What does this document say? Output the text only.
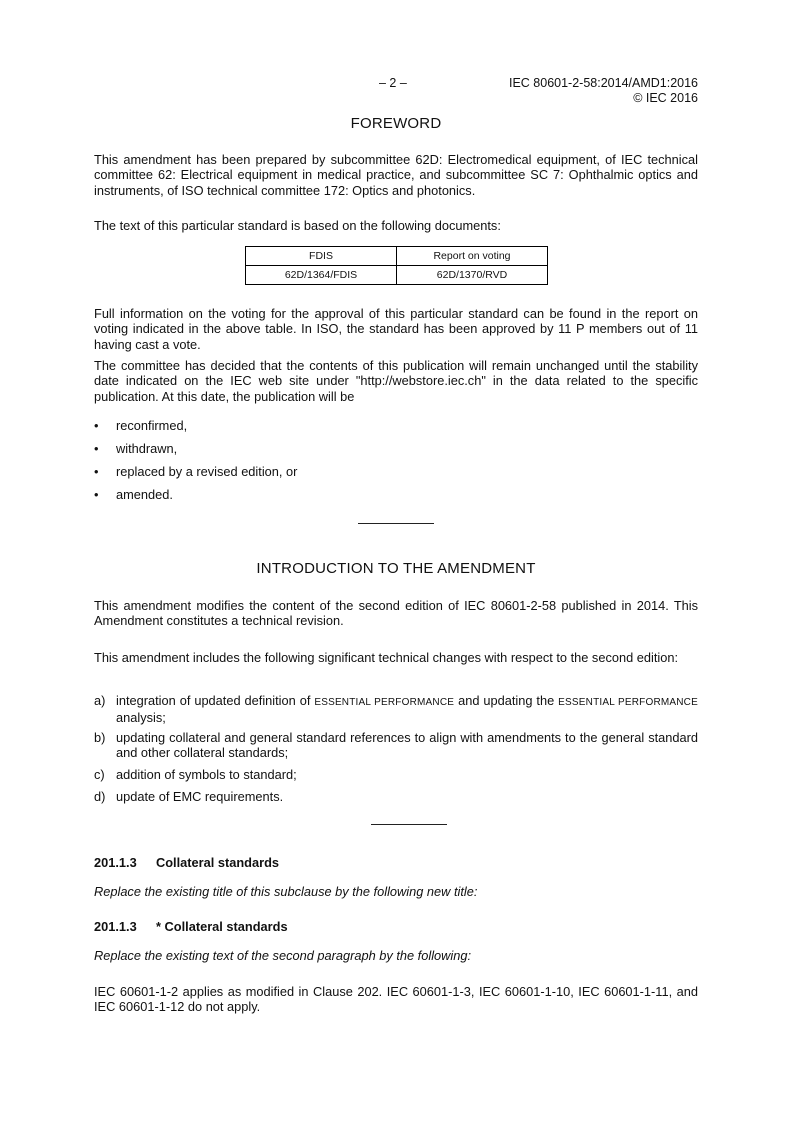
– 2 –	IEC 80601-2-58:2014/AMD1:2016
© IEC 2016
FOREWORD
This amendment has been prepared by subcommittee 62D: Electromedical equipment, of IEC technical committee 62: Electrical equipment in medical practice, and subcommittee SC 7: Ophthalmic optics and instruments, of ISO technical committee 172: Optics and photonics.
The text of this particular standard is based on the following documents:
FDIS	Report on voting
62D/1364/FDIS	62D/1370/RVD
Full information on the voting for the approval of this particular standard can be found in the report on voting indicated in the above table. In ISO, the standard has been approved by 11 P members out of 11 having cast a vote.
The committee has decided that the contents of this publication will remain unchanged until the stability date indicated on the IEC web site under "http://webstore.iec.ch" in the data related to the specific publication. At this date, the publication will be
• reconfirmed,
• withdrawn,
• replaced by a revised edition, or
• amended.
INTRODUCTION TO THE AMENDMENT
This amendment modifies the content of the second edition of IEC 80601-2-58 published in 2014. This Amendment constitutes a technical revision.
This amendment includes the following significant technical changes with respect to the second edition:
a) integration of updated definition of ESSENTIAL PERFORMANCE and updating the ESSENTIAL PERFORMANCE analysis;
b) updating collateral and general standard references to align with amendments to the general standard and other collateral standards;
c) addition of symbols to standard;
d) update of EMC requirements.
201.1.3 Collateral standards
Replace the existing title of this subclause by the following new title:
201.1.3 * Collateral standards
Replace the existing text of the second paragraph by the following:
IEC 60601-1-2 applies as modified in Clause 202. IEC 60601-1-3, IEC 60601-1-10, IEC 60601-1-11, and IEC 60601-1-12 do not apply.
